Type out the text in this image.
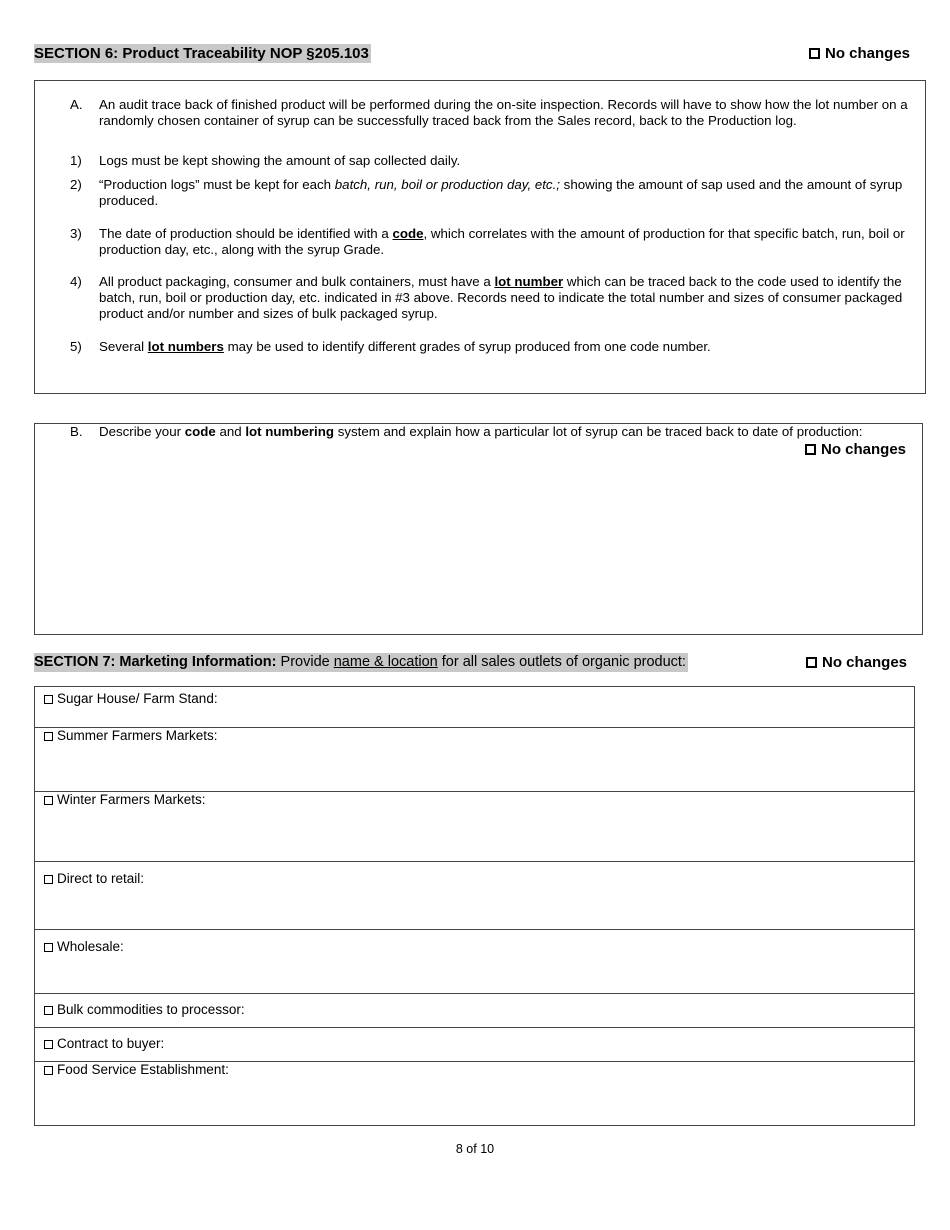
SECTION 6: Product Traceability NOP §205.103	No changes
A. An audit trace back of finished product will be performed during the on-site inspection. Records will have to show how the lot number on a randomly chosen container of syrup can be successfully traced back from the Sales record, back to the Production log.
1) Logs must be kept showing the amount of sap collected daily.
2) “Production logs” must be kept for each batch, run, boil or production day, etc.; showing the amount of sap used and the amount of syrup produced.
3) The date of production should be identified with a code, which correlates with the amount of production for that specific batch, run, boil or production day, etc., along with the syrup Grade.
4) All product packaging, consumer and bulk containers, must have a lot number which can be traced back to the code used to identify the batch, run, boil or production day, etc. indicated in #3 above. Records need to indicate the total number and sizes of consumer packaged product and/or number and sizes of bulk packaged syrup.
5) Several lot numbers may be used to identify different grades of syrup produced from one code number.
B. Describe your code and lot numbering system and explain how a particular lot of syrup can be traced back to date of production:
No changes
SECTION 7: Marketing Information: Provide name & location for all sales outlets of organic product:	No changes
Sugar House/ Farm Stand:
Summer Farmers Markets:
Winter Farmers Markets:
Direct to retail:
Wholesale:
Bulk commodities to processor:
Contract to buyer:
Food Service Establishment:
8 of 10
